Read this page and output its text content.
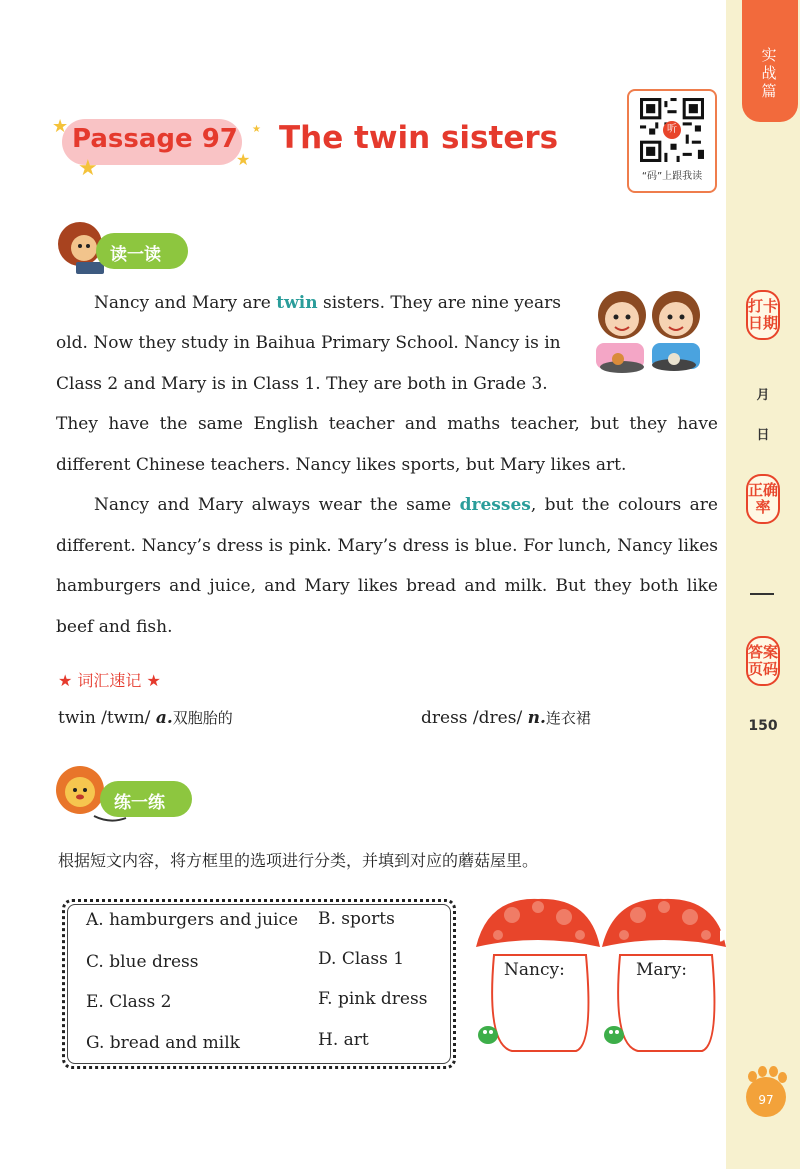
★
★	★
★
Passage 97 The twin sisters	听
“码”上跟我读
读一读
Nancy and Mary are twin sisters. They are nine years
old. Now they study in Baihua Primary School. Nancy is in
Class 2 and Mary is in Class 1. They are both in Grade 3.
They have the same English teacher and maths teacher, but they have different Chinese teachers. Nancy likes sports, but Mary likes art.
Nancy and Mary always wear the same dresses, but the colours are different. Nancy’s dress is pink. Mary’s dress is blue. For lunch, Nancy likes hamburgers and juice, and Mary likes bread and milk. But they both like beef and fish.
★ 词汇速记 ★
twin /twɪn/ a.双胞胎的	dress /dres/ n.连衣裙
练一练
根据短文内容，将方框里的选项进行分类，并填到对应的蘑菇屋里。
A. hamburgers and juice B. sports
C. blue dress	D. Class 1
E. Class 2	F. pink dress
G. bread and milk	H. art
Nancy:	Mary:
实战篇
打卡日期
月
日
正确率
答案页码
150
97
